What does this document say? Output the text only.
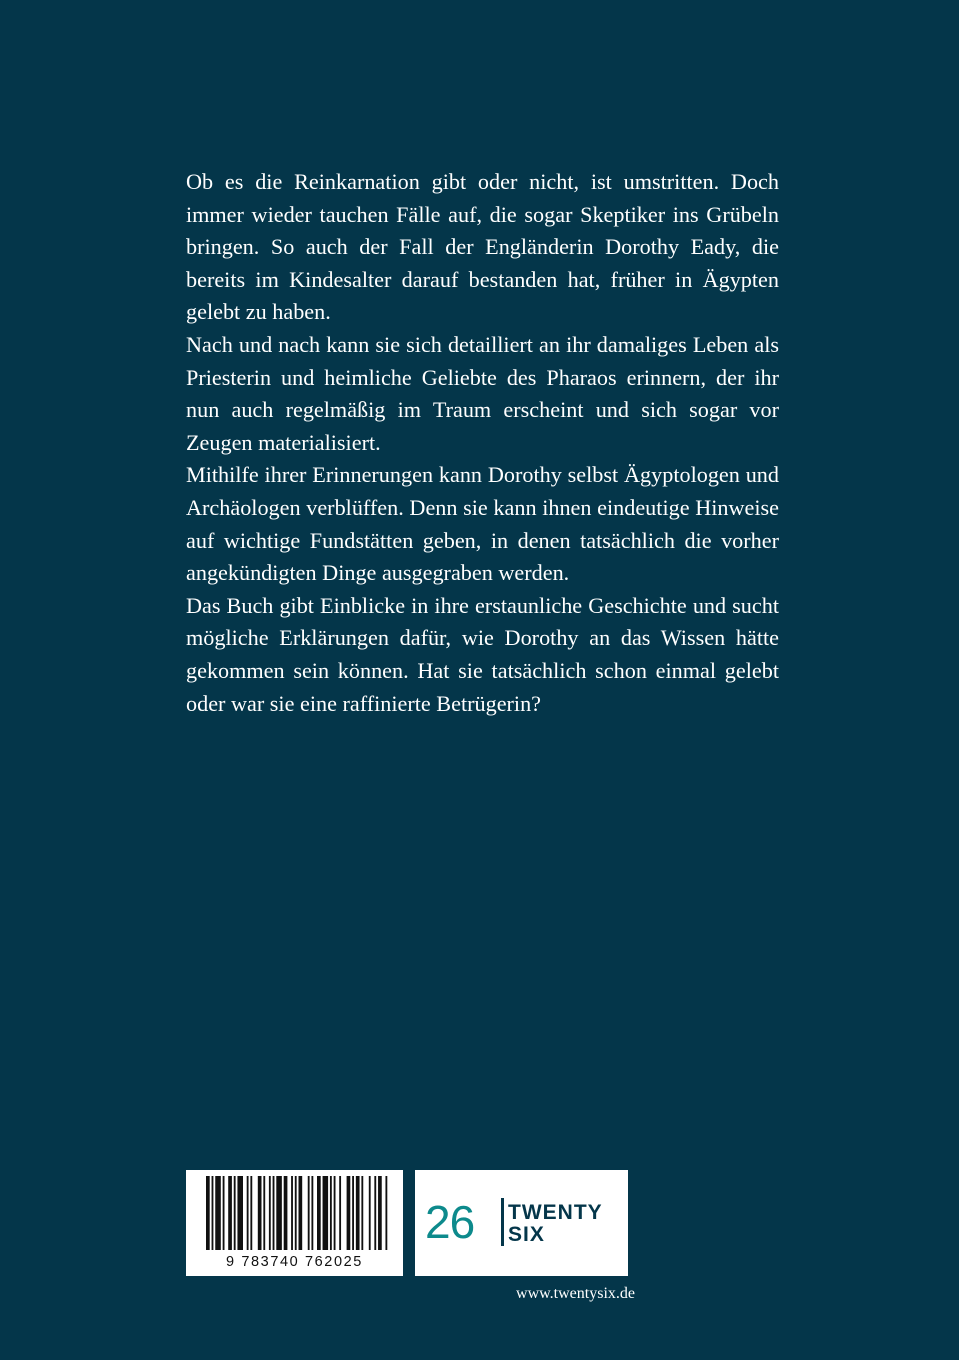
Ob es die Reinkarnation gibt oder nicht, ist umstritten. Doch immer wieder tauchen Fälle auf, die sogar Skeptiker ins Grübeln bringen. So auch der Fall der Engländerin Dorothy Eady, die bereits im Kindesalter darauf bestanden hat, früher in Ägypten gelebt zu haben.

Nach und nach kann sie sich detailliert an ihr damaliges Leben als Priesterin und heimliche Geliebte des Pharaos erinnern, der ihr nun auch regelmäßig im Traum erscheint und sich sogar vor Zeugen materialisiert.

Mithilfe ihrer Erinnerungen kann Dorothy selbst Ägyptologen und Archäologen verblüffen. Denn sie kann ihnen eindeutige Hinweise auf wichtige Fundstätten geben, in denen tatsächlich die vorher angekündigten Dinge ausgegraben werden.

Das Buch gibt Einblicke in ihre erstaunliche Geschichte und sucht mögliche Erklärungen dafür, wie Dorothy an das Wissen hätte gekommen sein können. Hat sie tatsächlich schon einmal gelebt oder war sie eine raffinierte Betrügerin?

9 783740 762025
26 TWENTY
SIX
www.twentysix.de
